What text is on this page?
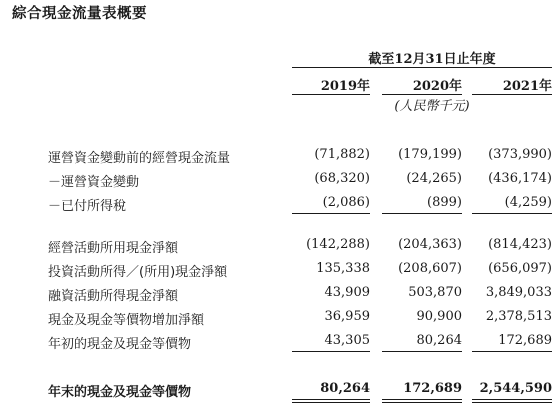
綜合現金流量表概要
截至12月31日止年度
2019年	2020年	2021年
(人民幣千元)
運營資金變動前的經營現金流量	(71,882)	(179,199)	(373,990)
－運營資金變動	(68,320)	(24,265)	(436,174)
－已付所得稅	(2,086)	(899)	(4,259)
經營活動所用現金淨額	(142,288)	(204,363)	(814,423)
投資活動所得／(所用)現金淨額	135,338	(208,607)	(656,097)
融資活動所得現金淨額	43,909	503,870	3,849,033
現金及現金等價物增加淨額	36,959	90,900	2,378,513
年初的現金及現金等價物	43,305	80,264	172,689
年末的現金及現金等價物	80,264	172,689	2,544,590
